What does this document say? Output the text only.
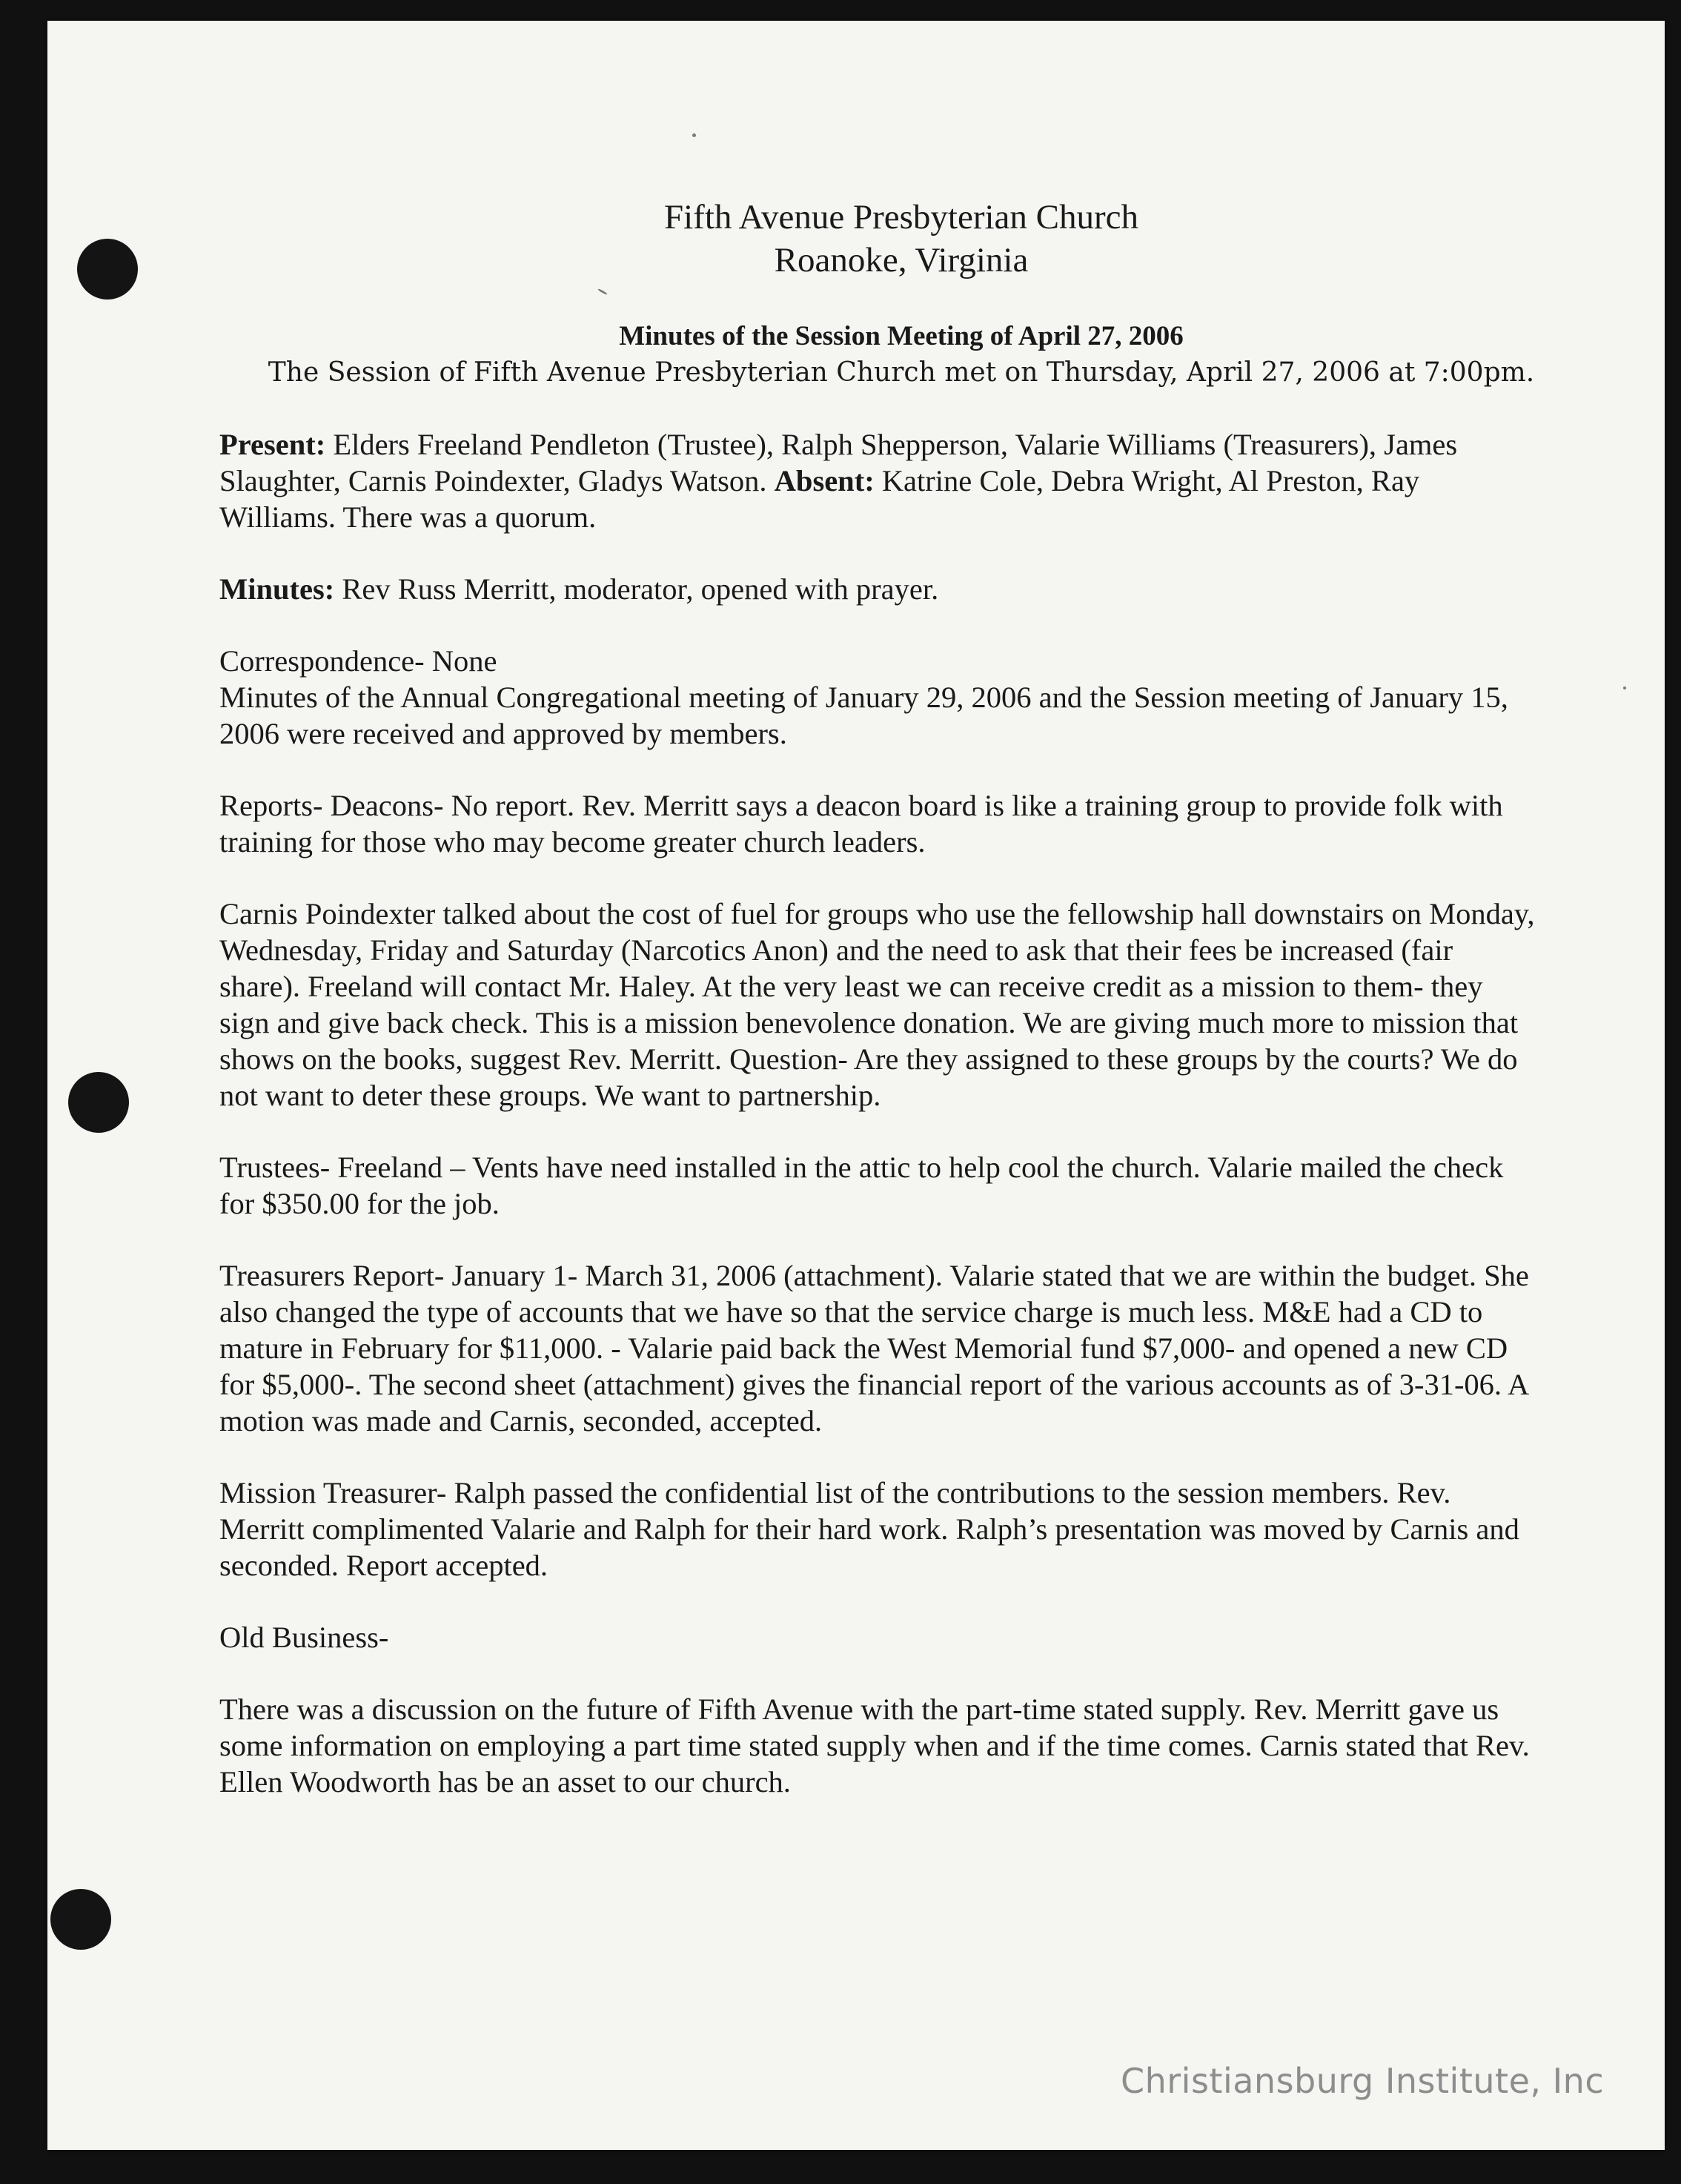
Fifth Avenue Presbyterian Church
Roanoke, Virginia
Minutes of the Session Meeting of April 27, 2006
The Session of Fifth Avenue Presbyterian Church met on Thursday, April 27, 2006 at 7:00pm.

Present: Elders Freeland Pendleton (Trustee), Ralph Shepperson, Valarie Williams (Treasurers), James Slaughter, Carnis Poindexter, Gladys Watson. Absent: Katrine Cole, Debra Wright, Al Preston, Ray Williams. There was a quorum.

Minutes: Rev Russ Merritt, moderator, opened with prayer.

Correspondence- None

Minutes of the Annual Congregational meeting of January 29, 2006 and the Session meeting of January 15, 2006 were received and approved by members.

Reports- Deacons- No report. Rev. Merritt says a deacon board is like a training group to provide folk with training for those who may become greater church leaders.

Carnis Poindexter talked about the cost of fuel for groups who use the fellowship hall downstairs on Monday, Wednesday, Friday and Saturday (Narcotics Anon) and the need to ask that their fees be increased (fair share). Freeland will contact Mr. Haley. At the very least we can receive credit as a mission to them- they sign and give back check. This is a mission benevolence donation. We are giving much more to mission that shows on the books, suggest Rev. Merritt. Question- Are they assigned to these groups by the courts? We do not want to deter these groups. We want to partnership.

Trustees- Freeland – Vents have need installed in the attic to help cool the church. Valarie mailed the check for $350.00 for the job.

Treasurers Report- January 1- March 31, 2006 (attachment). Valarie stated that we are within the budget. She also changed the type of accounts that we have so that the service charge is much less. M&E had a CD to mature in February for $11,000. - Valarie paid back the West Memorial fund $7,000- and opened a new CD for $5,000-. The second sheet (attachment) gives the financial report of the various accounts as of 3-31-06. A motion was made and Carnis, seconded, accepted.

Mission Treasurer- Ralph passed the confidential list of the contributions to the session members. Rev. Merritt complimented Valarie and Ralph for their hard work. Ralph’s presentation was moved by Carnis and seconded. Report accepted.

Old Business-

There was a discussion on the future of Fifth Avenue with the part-time stated supply. Rev. Merritt gave us some information on employing a part time stated supply when and if the time comes. Carnis stated that Rev. Ellen Woodworth has be an asset to our church.

Christiansburg Institute, Inc
